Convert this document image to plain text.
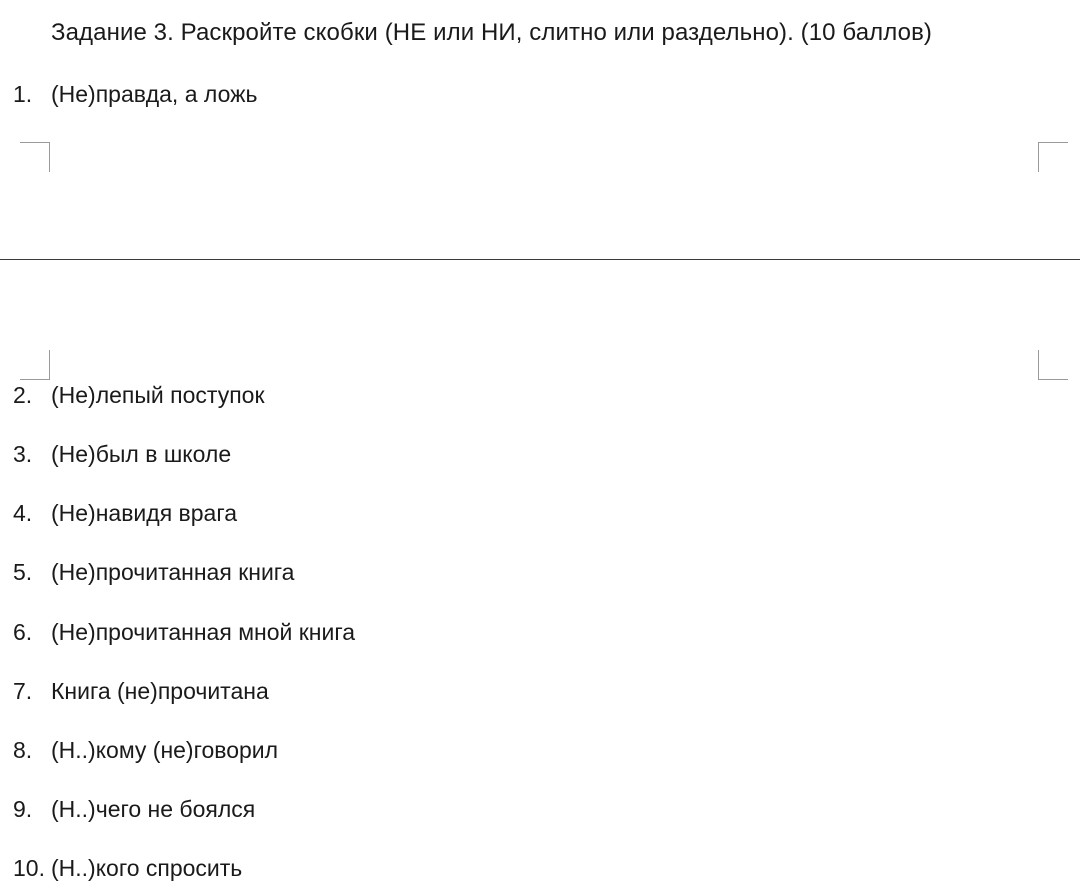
Задание 3. Раскройте скобки (НЕ или НИ, слитно или раздельно). (10 баллов)
1. (Не)правда, а ложь
2. (Не)лепый поступок
3. (Не)был в школе
4. (Не)навидя врага
5. (Не)прочитанная книга
6. (Не)прочитанная мной книга
7. Книга (не)прочитана
8. (Н..)кому (не)говорил
9. (Н..)чего не боялся
10. (Н..)кого спросить
